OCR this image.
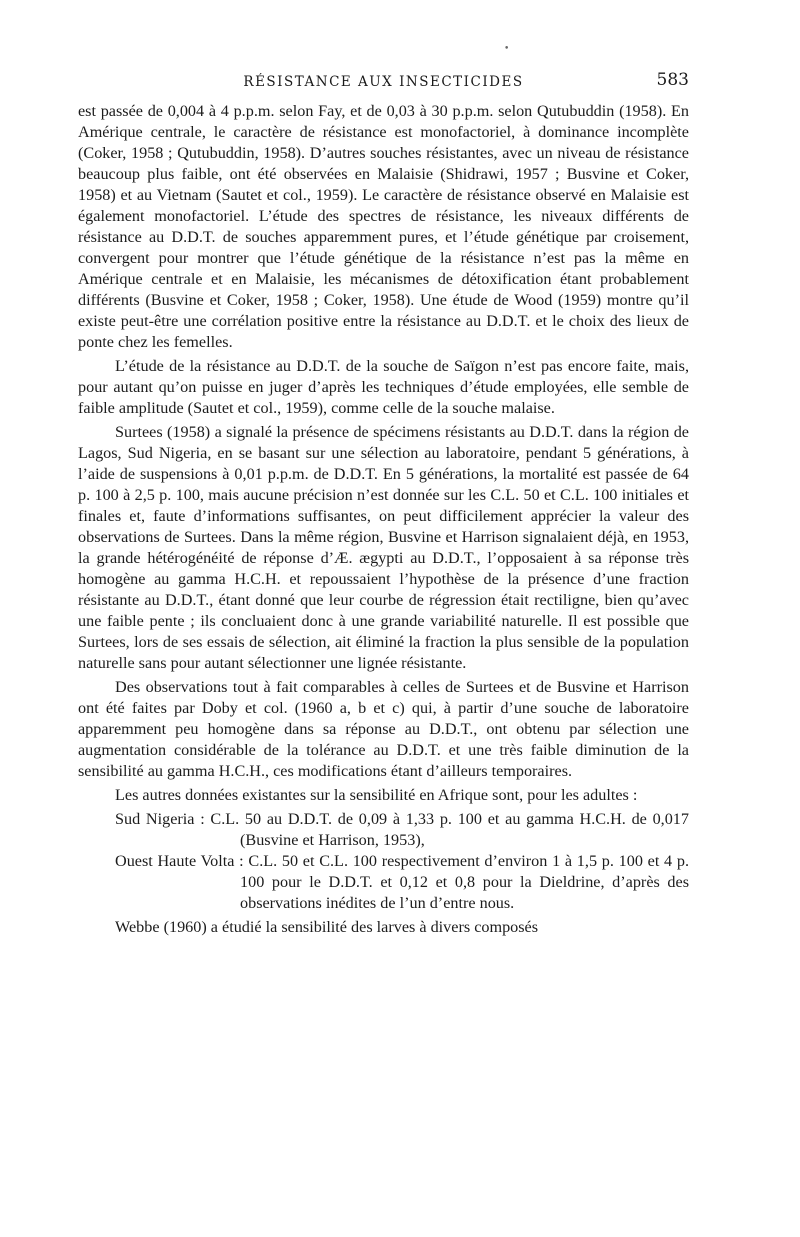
•
RÉSISTANCE AUX INSECTICIDES	583

est passée de 0,004 à 4 p.p.m. selon Fay, et de 0,03 à 30 p.p.m. selon Qutubuddin (1958). En Amérique centrale, le caractère de résistance est monofactoriel, à dominance incomplète (Coker, 1958 ; Qutubuddin, 1958). D’autres souches résistantes, avec un niveau de résistance beaucoup plus faible, ont été observées en Malaisie (Shidrawi, 1957 ; Busvine et Coker, 1958) et au Vietnam (Sautet et col., 1959). Le caractère de résistance observé en Malaisie est également monofactoriel. L’étude des spectres de résistance, les niveaux différents de résistance au D.D.T. de souches apparemment pures, et l’étude génétique par croisement, convergent pour montrer que l’étude génétique de la résistance n’est pas la même en Amérique centrale et en Malaisie, les mécanismes de détoxification étant probablement différents (Busvine et Coker, 1958 ; Coker, 1958). Une étude de Wood (1959) montre qu’il existe peut-être une corrélation positive entre la résistance au D.D.T. et le choix des lieux de ponte chez les femelles.

L’étude de la résistance au D.D.T. de la souche de Saïgon n’est pas encore faite, mais, pour autant qu’on puisse en juger d’après les techniques d’étude employées, elle semble de faible amplitude (Sautet et col., 1959), comme celle de la souche malaise.

Surtees (1958) a signalé la présence de spécimens résistants au D.D.T. dans la région de Lagos, Sud Nigeria, en se basant sur une sélection au laboratoire, pendant 5 générations, à l’aide de suspensions à 0,01 p.p.m. de D.D.T. En 5 générations, la mortalité est passée de 64 p. 100 à 2,5 p. 100, mais aucune précision n’est donnée sur les C.L. 50 et C.L. 100 initiales et finales et, faute d’informations suffisantes, on peut difficilement apprécier la valeur des observations de Surtees. Dans la même région, Busvine et Harrison signalaient déjà, en 1953, la grande hétérogénéité de réponse d’Æ. ægypti au D.D.T., l’opposaient à sa réponse très homogène au gamma H.C.H. et repoussaient l’hypothèse de la présence d’une fraction résistante au D.D.T., étant donné que leur courbe de régression était rectiligne, bien qu’avec une faible pente ; ils concluaient donc à une grande variabilité naturelle. Il est possible que Surtees, lors de ses essais de sélection, ait éliminé la fraction la plus sensible de la population naturelle sans pour autant sélectionner une lignée résistante.

Des observations tout à fait comparables à celles de Surtees et de Busvine et Harrison ont été faites par Doby et col. (1960 a, b et c) qui, à partir d’une souche de laboratoire apparemment peu homogène dans sa réponse au D.D.T., ont obtenu par sélection une augmentation considérable de la tolérance au D.D.T. et une très faible diminution de la sensibilité au gamma H.C.H., ces modifications étant d’ailleurs temporaires.

Les autres données existantes sur la sensibilité en Afrique sont, pour les adultes :

Sud Nigeria : C.L. 50 au D.D.T. de 0,09 à 1,33 p. 100 et au gamma H.C.H. de 0,017 (Busvine et Harrison, 1953),
Ouest Haute Volta : C.L. 50 et C.L. 100 respectivement d’environ 1 à 1,5 p. 100 et 4 p. 100 pour le D.D.T. et 0,12 et 0,8 pour la Dieldrine, d’après des observations inédites de l’un d’entre nous.

Webbe (1960) a étudié la sensibilité des larves à divers composés
